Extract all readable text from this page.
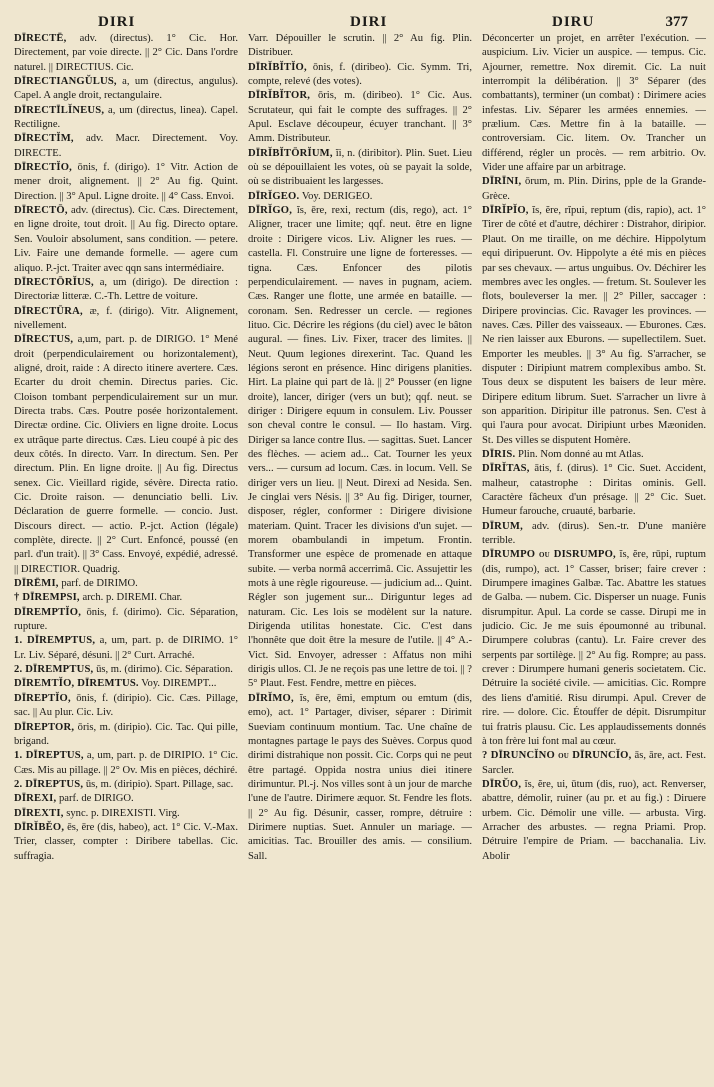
DIRI	DIRI	DIRU	377

DĪRECTĒ, adv. (directus). 1° Cic. Hor. Directement, par voie directe. || 2° Cic. Dans l'ordre naturel. || DIRECTIUS. Cic.

DĪRECTIANGŬLUS, a, um (directus, angulus). Capel. A angle droit, rectangulaire.

DĪRECTĪLĬNEUS, a, um (directus, linea). Capel. Rectiligne.

DĪRECTĬM, adv. Macr. Directement. Voy. DIRECTE.

DĪRECTĬO, ōnis, f. (dirigo). 1° Vitr. Action de mener droit, alignement. || 2° Au fig. Quint. Direction. || 3° Apul. Ligne droite. || 4° Cass. Envoi.

DĪRECTŌ, adv. (directus). Cic. Cæs. Directement, en ligne droite, tout droit. || Au fig. Directo optare. Sen. Vouloir absolument, sans condition. — petere. Liv. Faire une demande formelle. — agere cum aliquo. P.-jct. Traiter avec qqn sans intermédiaire.

DĪRECTŌRĬUS, a, um (dirigo). De direction : Directoriæ litteræ. C.-Th. Lettre de voiture.

DĪRECTŪRA, æ, f. (dirigo). Vitr. Alignement, nivellement.

DĪRECTUS, a,um, part. p. de DIRIGO. 1° Mené droit (perpendiculairement ou horizontalement), aligné, droit, raide : A directo itinere avertere. Cæs. Ecarter du droit chemin. Directus paries. Cic. Cloison tombant perpendiculairement sur un mur. Directa trabs. Cæs. Poutre posée horizontalement. Directæ ordine. Cic. Oliviers en ligne droite. Locus ex utrâque parte directus. Cæs. Lieu coupé à pic des deux côtés. In directo. Varr. In directum. Sen. Per directum. Plin. En ligne droite. || Au fig. Directus senex. Cic. Vieillard rigide, sévère. Directa ratio. Cic. Droite raison. — denunciatio belli. Liv. Déclaration de guerre formelle. — concio. Just. Discours direct. — actio. P.-jct. Action (légale) complète, directe. || 2° Curt. Enfoncé, poussé (en parl. d'un trait). || 3° Cass. Envoyé, expédié, adressé. || DIRECTIOR. Quadrig.

DĪRĒMI, parf. de DIRIMO.

† DĪREMPSI, arch. p. DIREMI. Char.

DĪREMPTĬO, ōnis, f. (dirimo). Cic. Séparation, rupture.

1. DĪREMPTUS, a, um, part. p. de DIRIMO. 1° Lr. Liv. Séparé, désuni. || 2° Curt. Arraché.

2. DĪREMPTUS, ūs, m. (dirimo). Cic. Séparation.

DĪREMTĬO, DĪREMTUS. Voy. DIREMPT...

DĪREPTĬO, ōnis, f. (diripio). Cic. Cæs. Pillage, sac. || Au plur. Cic. Liv.

DĪREPTOR, ōris, m. (diripio). Cic. Tac. Qui pille, brigand.

1. DĪREPTUS, a, um, part. p. de DIRIPIO. 1° Cic. Cæs. Mis au pillage. || 2° Ov. Mis en pièces, déchiré.

2. DĪREPTUS, ūs, m. (diripio). Spart. Pillage, sac.

DĪREXI, parf. de DIRIGO.

DĪREXTI, sync. p. DIREXISTI. Virg.

DĪRĬBĔO, ēs, ēre (dis, habeo), act. 1° Cic. V.-Max. Trier, classer, compter : Diribere tabellas. Cic. suffragia.

Varr. Dépouiller le scrutin. || 2° Au fig. Plin. Distribuer.

DĪRĬBĬTĬO, ōnis, f. (diribeo). Cic. Symm. Tri, compte, relevé (des votes).

DĪRĬBĬTOR, ōris, m. (diribeo). 1° Cic. Aus. Scrutateur, qui fait le compte des suffrages. || 2° Apul. Esclave découpeur, écuyer tranchant. || 3° Amm. Distributeur.

DĪRĬBĬTŌRĬUM, ĭi, n. (diribitor). Plin. Suet. Lieu où se dépouillaient les votes, où se payait la solde, où se distribuaient les largesses.

DĪRĬGEO. Voy. DERIGEO.

DĪRĬGO, ĭs, ēre, rexi, rectum (dis, rego), act. 1° Aligner, tracer une limite; qqf. neut. être en ligne droite : Dirigere vicos. Liv. Aligner les rues. — castella. Fl. Construire une ligne de forteresses. — tigna. Cæs. Enfoncer des pilotis perpendiculairement. — naves in pugnam, aciem. Cæs. Ranger une flotte, une armée en bataille. — coronam. Sen. Redresser un cercle. — regiones lituo. Cic. Décrire les régions (du ciel) avec le bâton augural. — fines. Liv. Fixer, tracer des limites. || Neut. Quum legiones direxerint. Tac. Quand les légions seront en présence. Hinc dirigens planities. Hirt. La plaine qui part de là. || 2° Pousser (en ligne droite), lancer, diriger (vers un but); qqf. neut. se diriger : Dirigere equum in consulem. Liv. Pousser son cheval contre le consul. — Ilo hastam. Virg. Diriger sa lance contre Ilus. — sagittas. Suet. Lancer des flèches. — aciem ad... Cat. Tourner les yeux vers... — cursum ad locum. Cæs. in locum. Vell. Se diriger vers un lieu. || Neut. Direxi ad Nesida. Sen. Je cinglai vers Nésis. || 3° Au fig. Diriger, tourner, disposer, régler, conformer : Dirigere divisione materiam. Quint. Tracer les divisions d'un sujet. — morem obambulandi in impetum. Frontin. Transformer une espèce de promenade en attaque subite. — verba normâ accerrimâ. Cic. Assujettir les mots à une règle rigoureuse. — judicium ad... Quint. Régler son jugement sur... Diriguntur leges ad naturam. Cic. Les lois se modèlent sur la nature. Dirigenda utilitas honestate. Cic. C'est dans l'honnête que doit être la mesure de l'utile. || 4° A.-Vict. Sid. Envoyer, adresser : Affatus non mihi dirigis ullos. Cl. Je ne reçois pas une lettre de toi. || ? 5° Plaut. Fest. Fendre, mettre en pièces.

DĪRĬMO, ĭs, ēre, ēmi, emptum ou emtum (dis, emo), act. 1° Partager, diviser, séparer : Dirimit Sueviam continuum montium. Tac. Une chaîne de montagnes partage le pays des Suèves. Corpus quod dirimi distrahique non possit. Cic. Corps qui ne peut être partagé. Oppida nostra unius diei itinere dirimuntur. Pl.-j. Nos villes sont à un jour de marche l'une de l'autre. Dirimere æquor. St. Fendre les flots. || 2° Au fig. Désunir, casser, rompre, détruire : Dirimere nuptias. Suet. Annuler un mariage. — amicitias. Tac. Brouiller des amis. — consilium. Sall.

Déconcerter un projet, en arrêter l'exécution. — auspicium. Liv. Vicier un auspice. — tempus. Cic. Ajourner, remettre. Nox diremit. Cic. La nuit interrompit la délibération. || 3° Séparer (des combattants), terminer (un combat) : Dirimere acies infestas. Liv. Séparer les armées ennemies. — prælium. Cæs. Mettre fin à la bataille. — controversiam. Cic. litem. Ov. Trancher un différend, régler un procès. — rem arbitrio. Ov. Vider une affaire par un arbitrage.

DĪRĪNI, ōrum, m. Plin. Dirins, pple de la Grande-Grèce.

DĪRĬPĬO, ĭs, ĕre, rĭpui, reptum (dis, rapio), act. 1° Tirer de côté et d'autre, déchirer : Distrahor, diripior. Plaut. On me tiraille, on me déchire. Hippolytum equi diripuerunt. Ov. Hippolyte a été mis en pièces par ses chevaux. — artus unguibus. Ov. Déchirer les membres avec les ongles. — fretum. St. Soulever les flots, bouleverser la mer. || 2° Piller, saccager : Diripere provincias. Cic. Ravager les provinces. — naves. Cæs. Piller des vaisseaux. — Eburones. Cæs. Ne rien laisser aux Eburons. — supellectilem. Suet. Emporter les meubles. || 3° Au fig. S'arracher, se disputer : Diripiunt matrem complexibus ambo. St. Tous deux se disputent les baisers de leur mère. Diripere editum librum. Suet. S'arracher un livre à son apparition. Diripitur ille patronus. Sen. C'est à qui l'aura pour avocat. Diripiunt urbes Mæoniden. St. Des villes se disputent Homère.

DĪRIS. Plin. Nom donné au mt Atlas.

DĪRĬTAS, ātis, f. (dirus). 1° Cic. Suet. Accident, malheur, catastrophe : Diritas ominis. Gell. Caractère fâcheux d'un présage. || 2° Cic. Suet. Humeur farouche, cruauté, barbarie.

DĪRUM, adv. (dirus). Sen.-tr. D'une manière terrible.

DĪRUMPO ou DISRUMPO, ĭs, ĕre, rūpi, ruptum (dis, rumpo), act. 1° Casser, briser; faire crever : Dirumpere imagines Galbæ. Tac. Abattre les statues de Galba. — nubem. Cic. Disperser un nuage. Funis disrumpitur. Apul. La corde se casse. Dirupi me in judicio. Cic. Je me suis époumonné au tribunal. Dirumpere colubras (cantu). Lr. Faire crever des serpents par sortilège. || 2° Au fig. Rompre; au pass. crever : Dirumpere humani generis societatem. Cic. Détruire la société civile. — amicitias. Cic. Rompre des liens d'amitié. Risu dirumpi. Apul. Crever de rire. — dolore. Cic. Étouffer de dépit. Disrumpitur tui fratris plausu. Cic. Les applaudissements donnés à ton frère lui font mal au cœur.

? DĪRUNCĬNO ou DĪRUNCĬO, ās, āre, act. Fest. Sarcler.

DĪRŬO, ĭs, ĕre, ui, ūtum (dis, ruo), act. Renverser, abattre, démolir, ruiner (au pr. et au fig.) : Diruere urbem. Cic. Démolir une ville. — arbusta. Virg. Arracher des arbustes. — regna Priami. Prop. Détruire l'empire de Priam. — bacchanalia. Liv. Abolir
